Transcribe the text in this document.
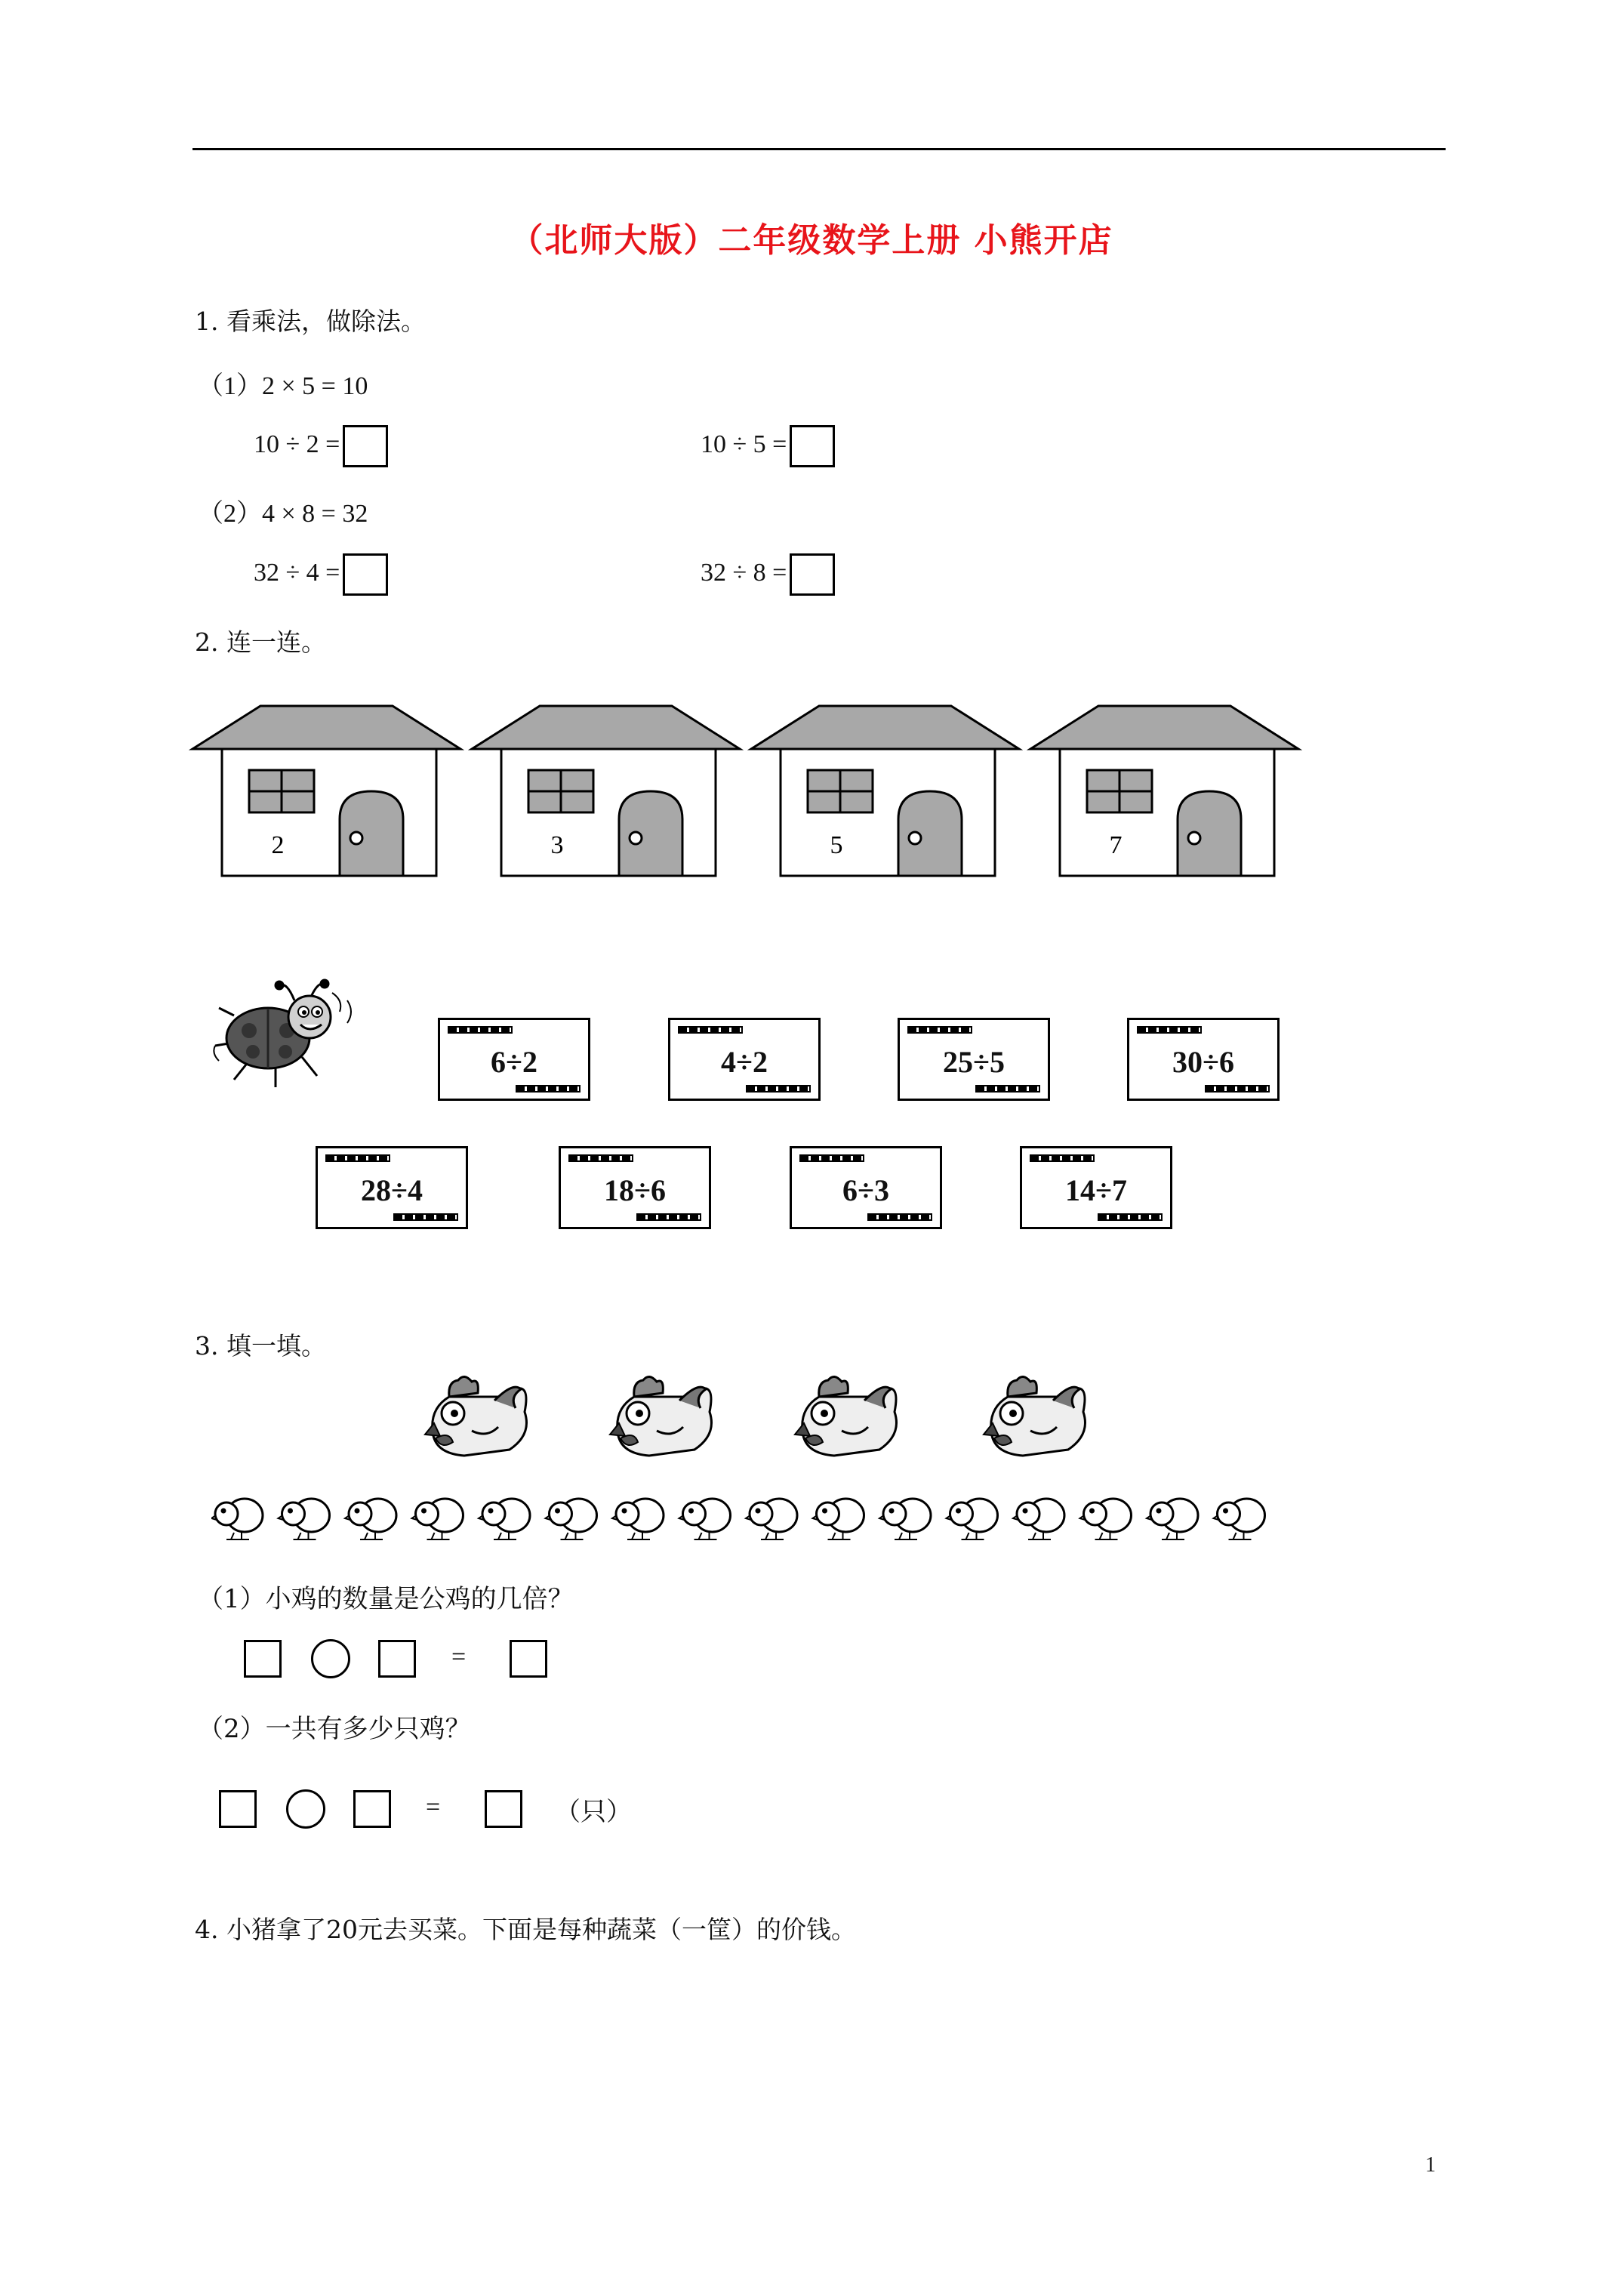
（北师大版）二年级数学上册 小熊开店
1. 看乘法，做除法。
（1）2 × 5 = 10
10 ÷ 2 =	10 ÷ 5 =
（2）4 × 8 = 32
32 ÷ 4 =	32 ÷ 8 =
2. 连一连。
2	3	5	7
6÷2	4÷2	25÷5	30÷6
28÷4	18÷6	6÷3	14÷7
3. 填一填。
（1）小鸡的数量是公鸡的几倍？
=
（2）一共有多少只鸡？
=	（只）
4. 小猪拿了20元去买菜。下面是每种蔬菜（一筐）的价钱。
1
